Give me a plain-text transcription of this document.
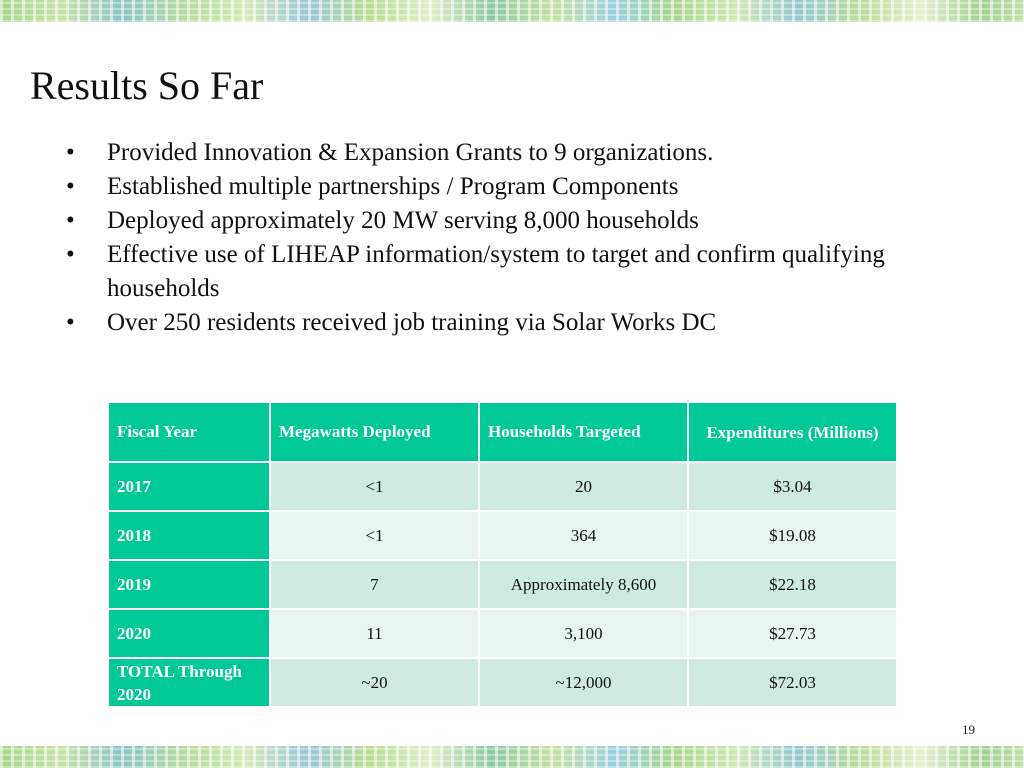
Results So Far
•	Provided Innovation & Expansion Grants to 9 organizations.
•	Established multiple partnerships / Program Components
•	Deployed approximately 20 MW serving 8,000 households
•	Effective use of LIHEAP information/system to target and confirm qualifying households
•	Over 250 residents received job training via Solar Works DC
Fiscal Year	Megawatts Deployed	Households Targeted	Expenditures (Millions)
2017	<1	20	$3.04
2018	<1	364	$19.08
2019	7	Approximately 8,600	$22.18
2020	11	3,100	$27.73
TOTAL Through 2020	~20	~12,000	$72.03
19
